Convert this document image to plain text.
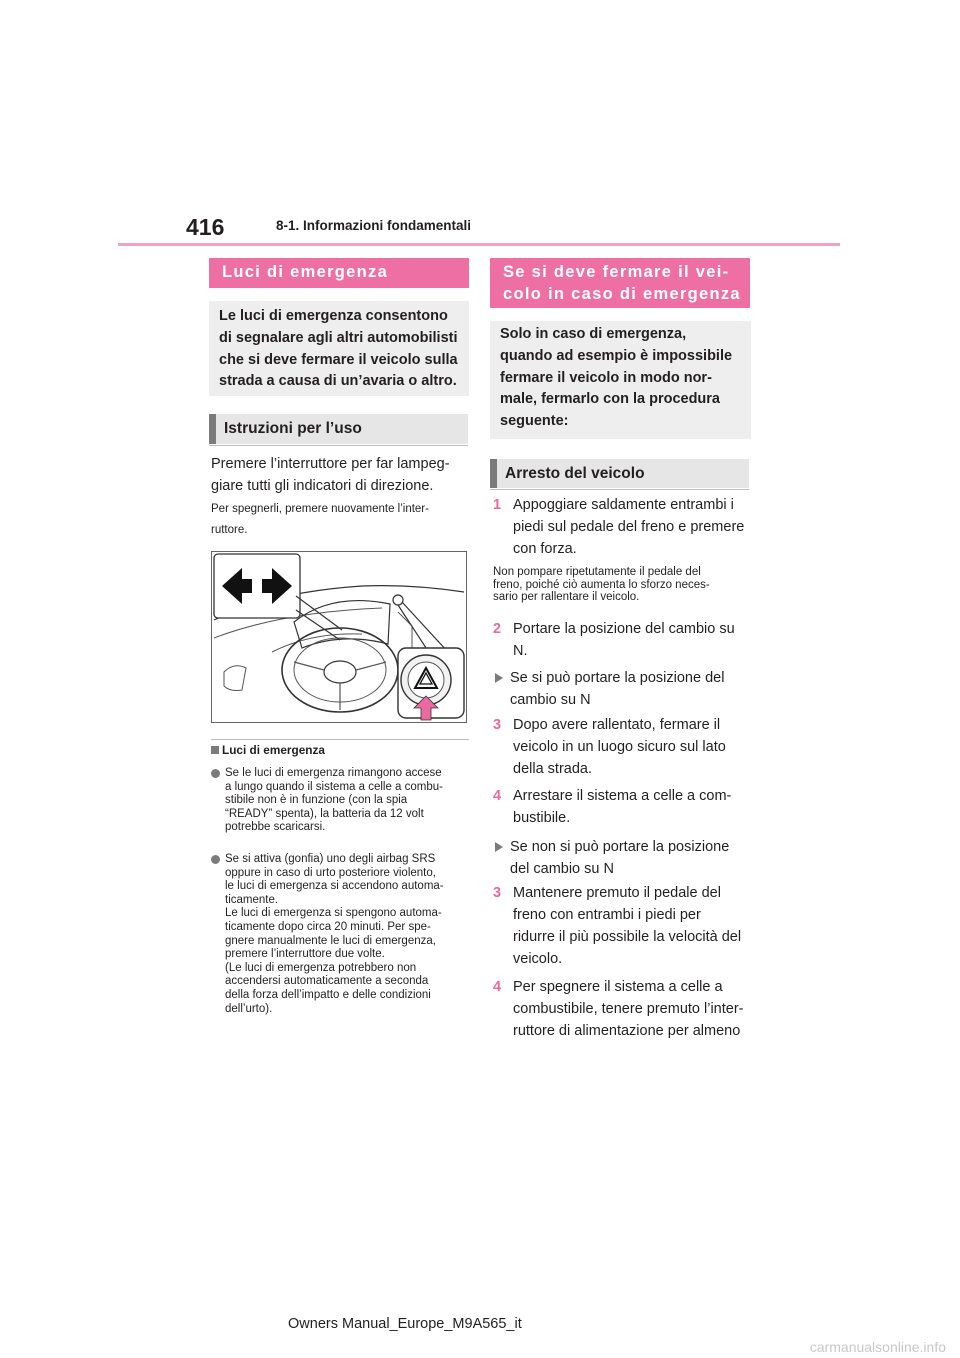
416	8-1. Informazioni fondamentali
Luci di emergenza
Le luci di emergenza consentono
di segnalare agli altri automobilisti
che si deve fermare il veicolo sulla
strada a causa di un’avaria o altro.
Istruzioni per l’uso
Premere l’interruttore per far lampeg-
giare tutti gli indicatori di direzione.
Per spegnerli, premere nuovamente l’inter-
ruttore.
Luci di emergenza
Se le luci di emergenza rimangono accese
a lungo quando il sistema a celle a combu-
stibile non è in funzione (con la spia
“READY” spenta), la batteria da 12 volt
potrebbe scaricarsi.
Se si attiva (gonfia) uno degli airbag SRS
oppure in caso di urto posteriore violento,
le luci di emergenza si accendono automa-
ticamente.
Le luci di emergenza si spengono automa-
ticamente dopo circa 20 minuti. Per spe-
gnere manualmente le luci di emergenza,
premere l’interruttore due volte.
(Le luci di emergenza potrebbero non
accendersi automaticamente a seconda
della forza dell’impatto e delle condizioni
dell’urto).
Se si deve fermare il vei-
colo in caso di emergenza
Solo in caso di emergenza,
quando ad esempio è impossibile
fermare il veicolo in modo nor-
male, fermarlo con la procedura
seguente:
Arresto del veicolo
1 Appoggiare saldamente entrambi i
piedi sul pedale del freno e premere
con forza.
Non pompare ripetutamente il pedale del
freno, poiché ciò aumenta lo sforzo neces-
sario per rallentare il veicolo.
2 Portare la posizione del cambio su
N.
Se si può portare la posizione del
cambio su N
3 Dopo avere rallentato, fermare il
veicolo in un luogo sicuro sul lato
della strada.
4 Arrestare il sistema a celle a com-
bustibile.
Se non si può portare la posizione
del cambio su N
3 Mantenere premuto il pedale del
freno con entrambi i piedi per
ridurre il più possibile la velocità del
veicolo.
4 Per spegnere il sistema a celle a
combustibile, tenere premuto l’inter-
ruttore di alimentazione per almeno
Owners Manual_Europe_M9A565_it
carmanualsonline.info
